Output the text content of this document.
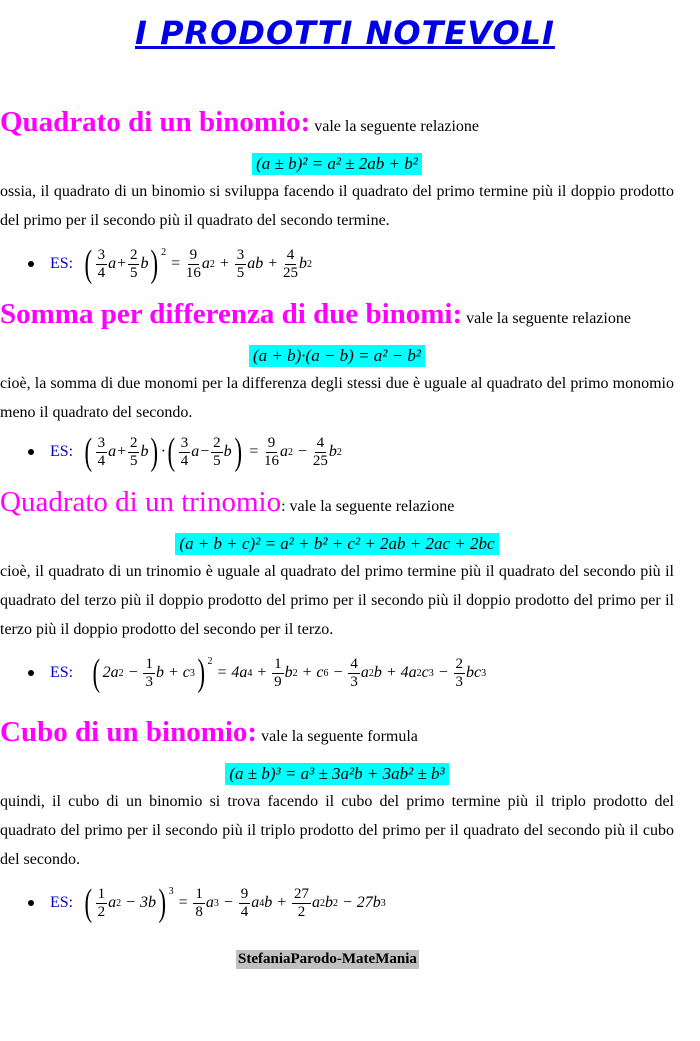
I PRODOTTI NOTEVOLI
Quadrato di un binomio: vale la seguente relazione
(a ± b)² = a² ± 2ab + b²
ossia, il quadrato di un binomio si sviluppa facendo il quadrato del primo termine più il doppio prodotto del primo per il secondo più il quadrato del secondo termine.
ES: ( 3
4
a+
2
5
b ) $^2$
=
9
16
a 2 +
3
5
ab +
4
25
b 2
Somma per differenza di due binomi: vale la seguente relazione
(a + b)·(a − b) = a² − b²
cioè, la somma di due monomi per la differenza degli stessi due è uguale al quadrato del primo monomio meno il quadrato del secondo.
ES: ( 3
4
a+
2
5
b ) · ( 3
4
a−
2
5
b ) =
9
16
a 2 −
4
25
b 2
Quadrato di un trinomio: vale la seguente relazione
(a + b + c)² = a² + b² + c² + 2ab + 2ac + 2bc
cioè, il quadrato di un trinomio è uguale al quadrato del primo termine più il quadrato del secondo più il quadrato del terzo più il doppio prodotto del primo per il secondo più il doppio prodotto del primo per il terzo più il doppio prodotto del secondo per il terzo.
ES: ( 2a 2 −
1
3
b + c 3 ) $^2$
= 4a 4 +
1
9
b 2 + c 6 −
4
3
a 2 b + 4a 2 c 3 −
2
3
bc 3
Cubo di un binomio: vale la seguente formula
(a ± b)³ = a³ ± 3a²b + 3ab² ± b³
quindi, il cubo di un binomio si trova facendo il cubo del primo termine più il triplo prodotto del quadrato del primo per il secondo più il triplo prodotto del primo per il quadrato del secondo più il cubo del secondo.
ES: ( 1
2
a 2 − 3b ) $^3$
=
1
8
a 3 −
9
4
a 4 b +
27
2
a 2 b 2 − 27b 3
StefaniaParodo-MateMania
